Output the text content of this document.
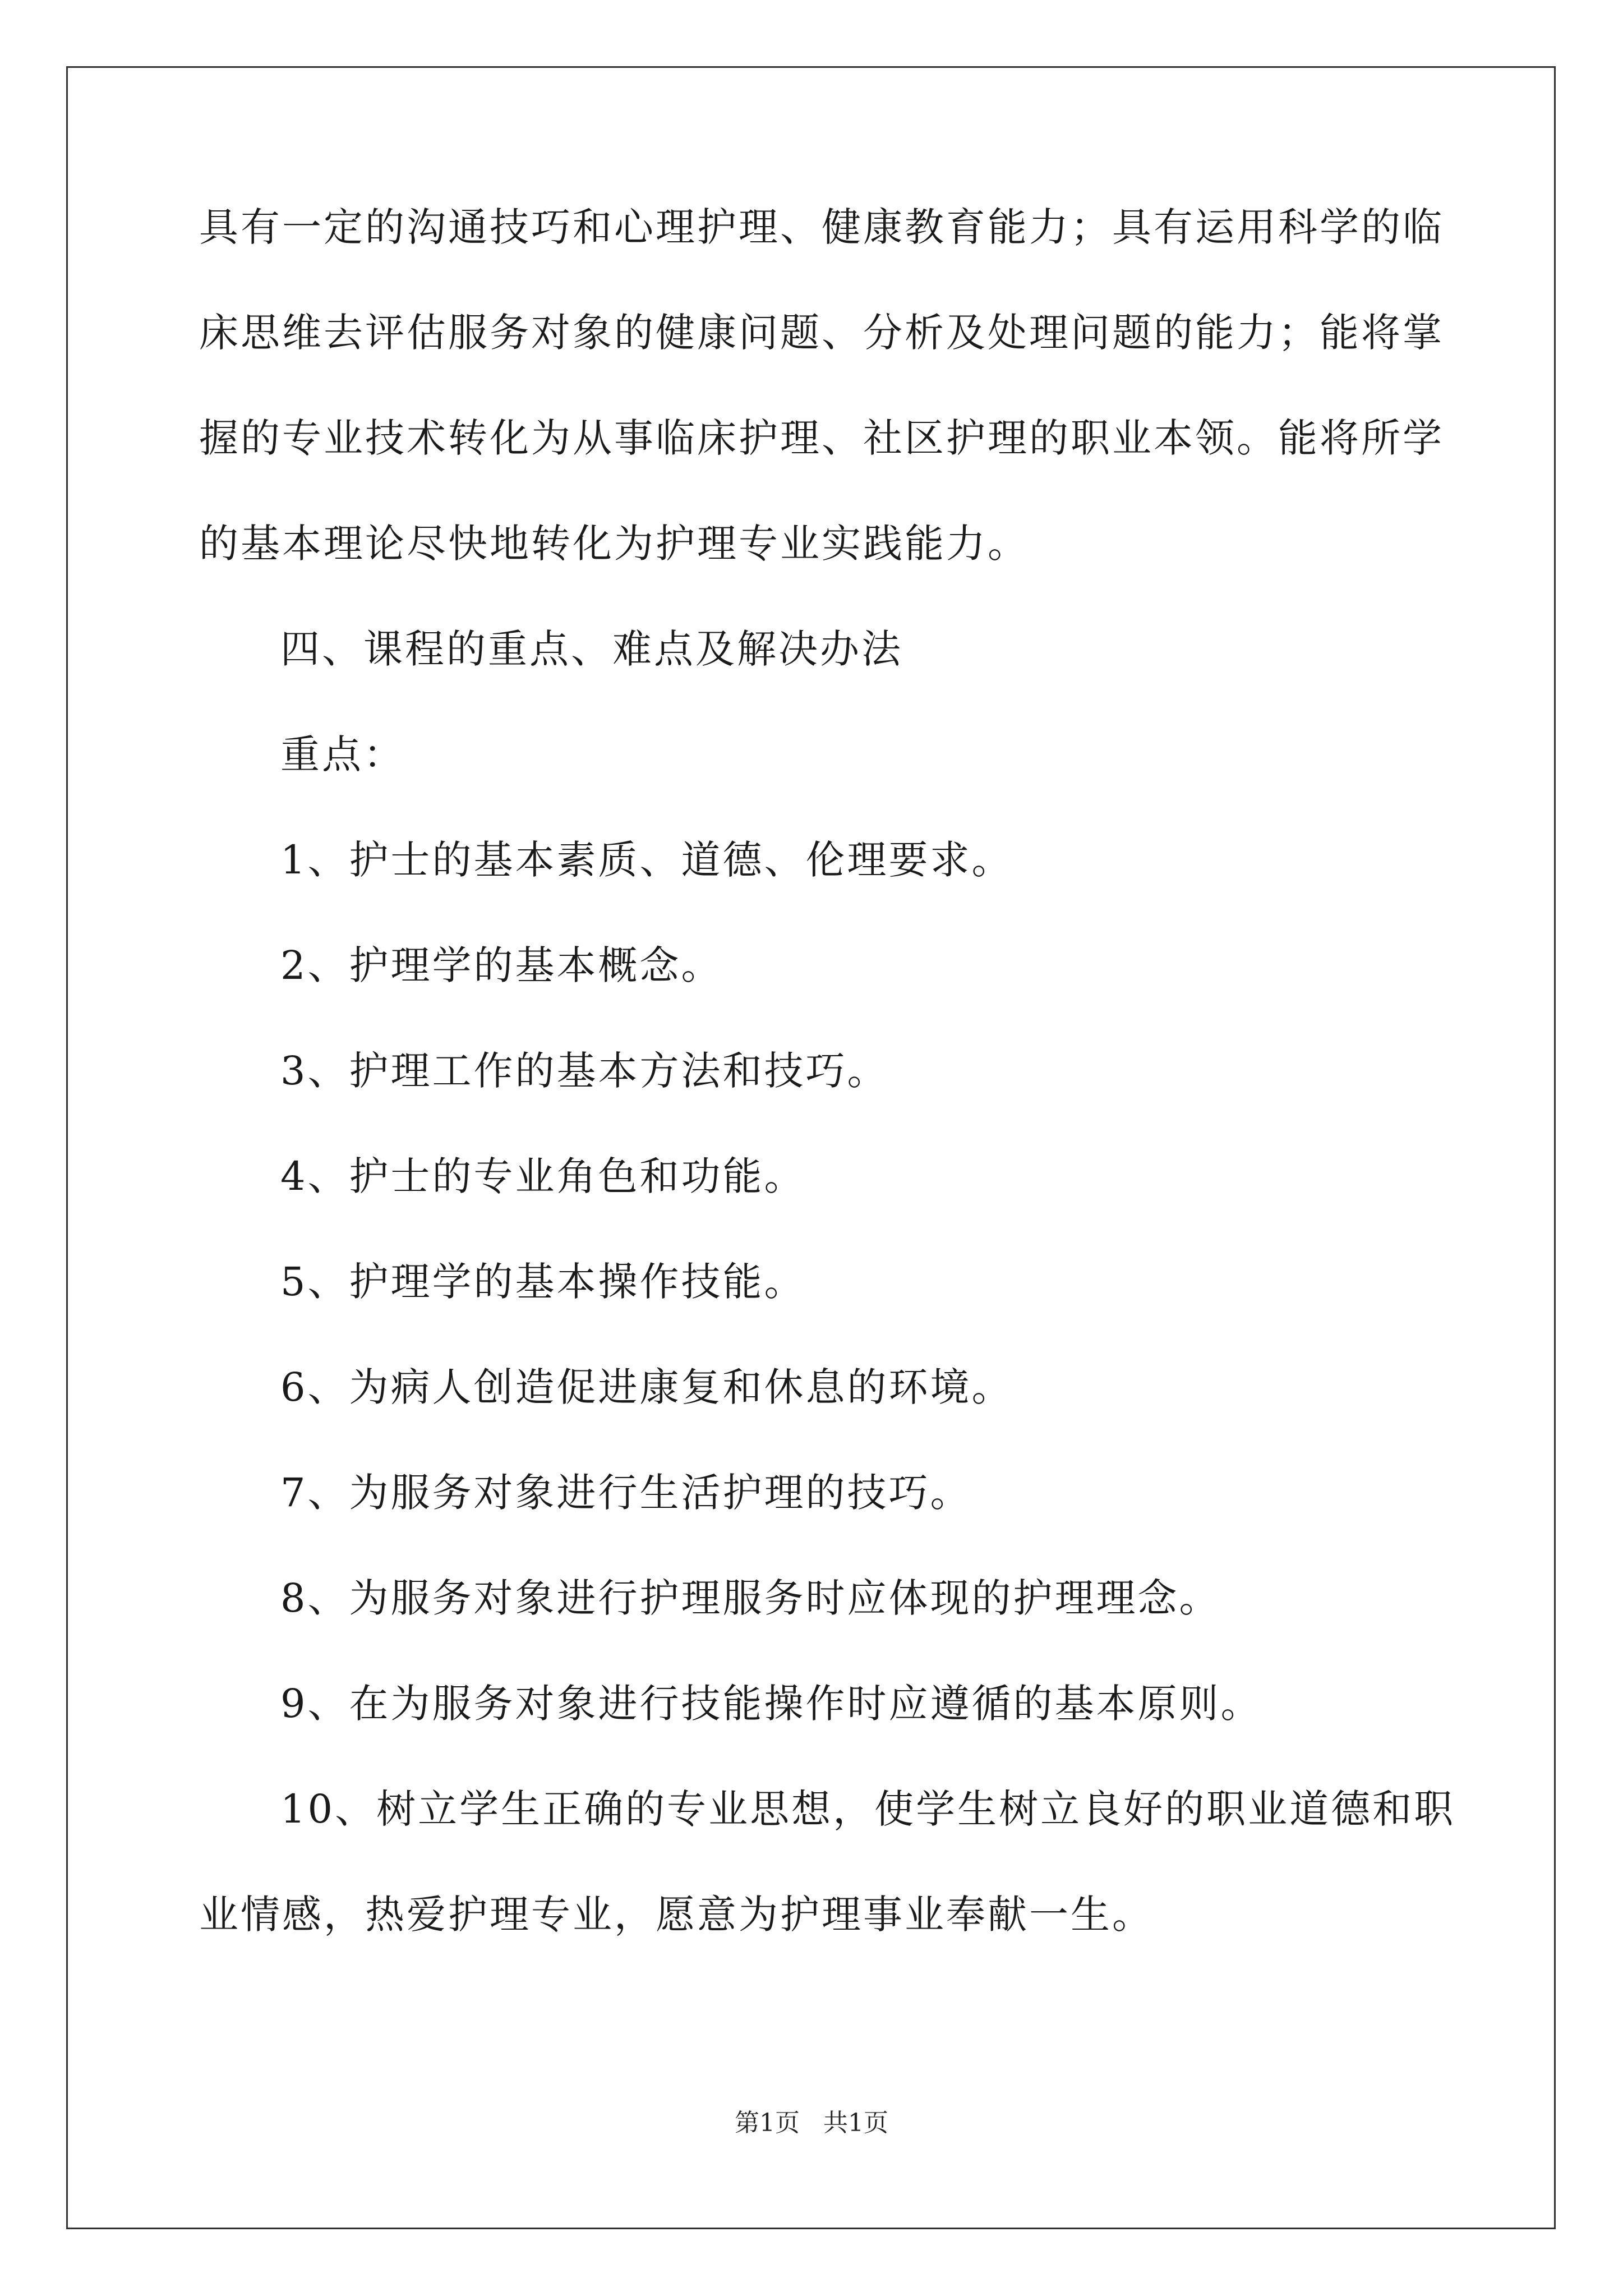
具有一定的沟通技巧和心理护理、健康教育能力；具有运用科学的临
床思维去评估服务对象的健康问题、分析及处理问题的能力；能将掌
握的专业技术转化为从事临床护理、社区护理的职业本领。能将所学
的基本理论尽快地转化为护理专业实践能力。
四、课程的重点、难点及解决办法
重点：
1、护士的基本素质、道德、伦理要求。
2、护理学的基本概念。
3、护理工作的基本方法和技巧。
4、护士的专业角色和功能。
5、护理学的基本操作技能。
6、为病人创造促进康复和休息的环境。
7、为服务对象进行生活护理的技巧。
8、为服务对象进行护理服务时应体现的护理理念。
9、在为服务对象进行技能操作时应遵循的基本原则。
10、树立学生正确的专业思想，使学生树立良好的职业道德和职
业情感，热爱护理专业，愿意为护理事业奉献一生。
第1页 共1页
